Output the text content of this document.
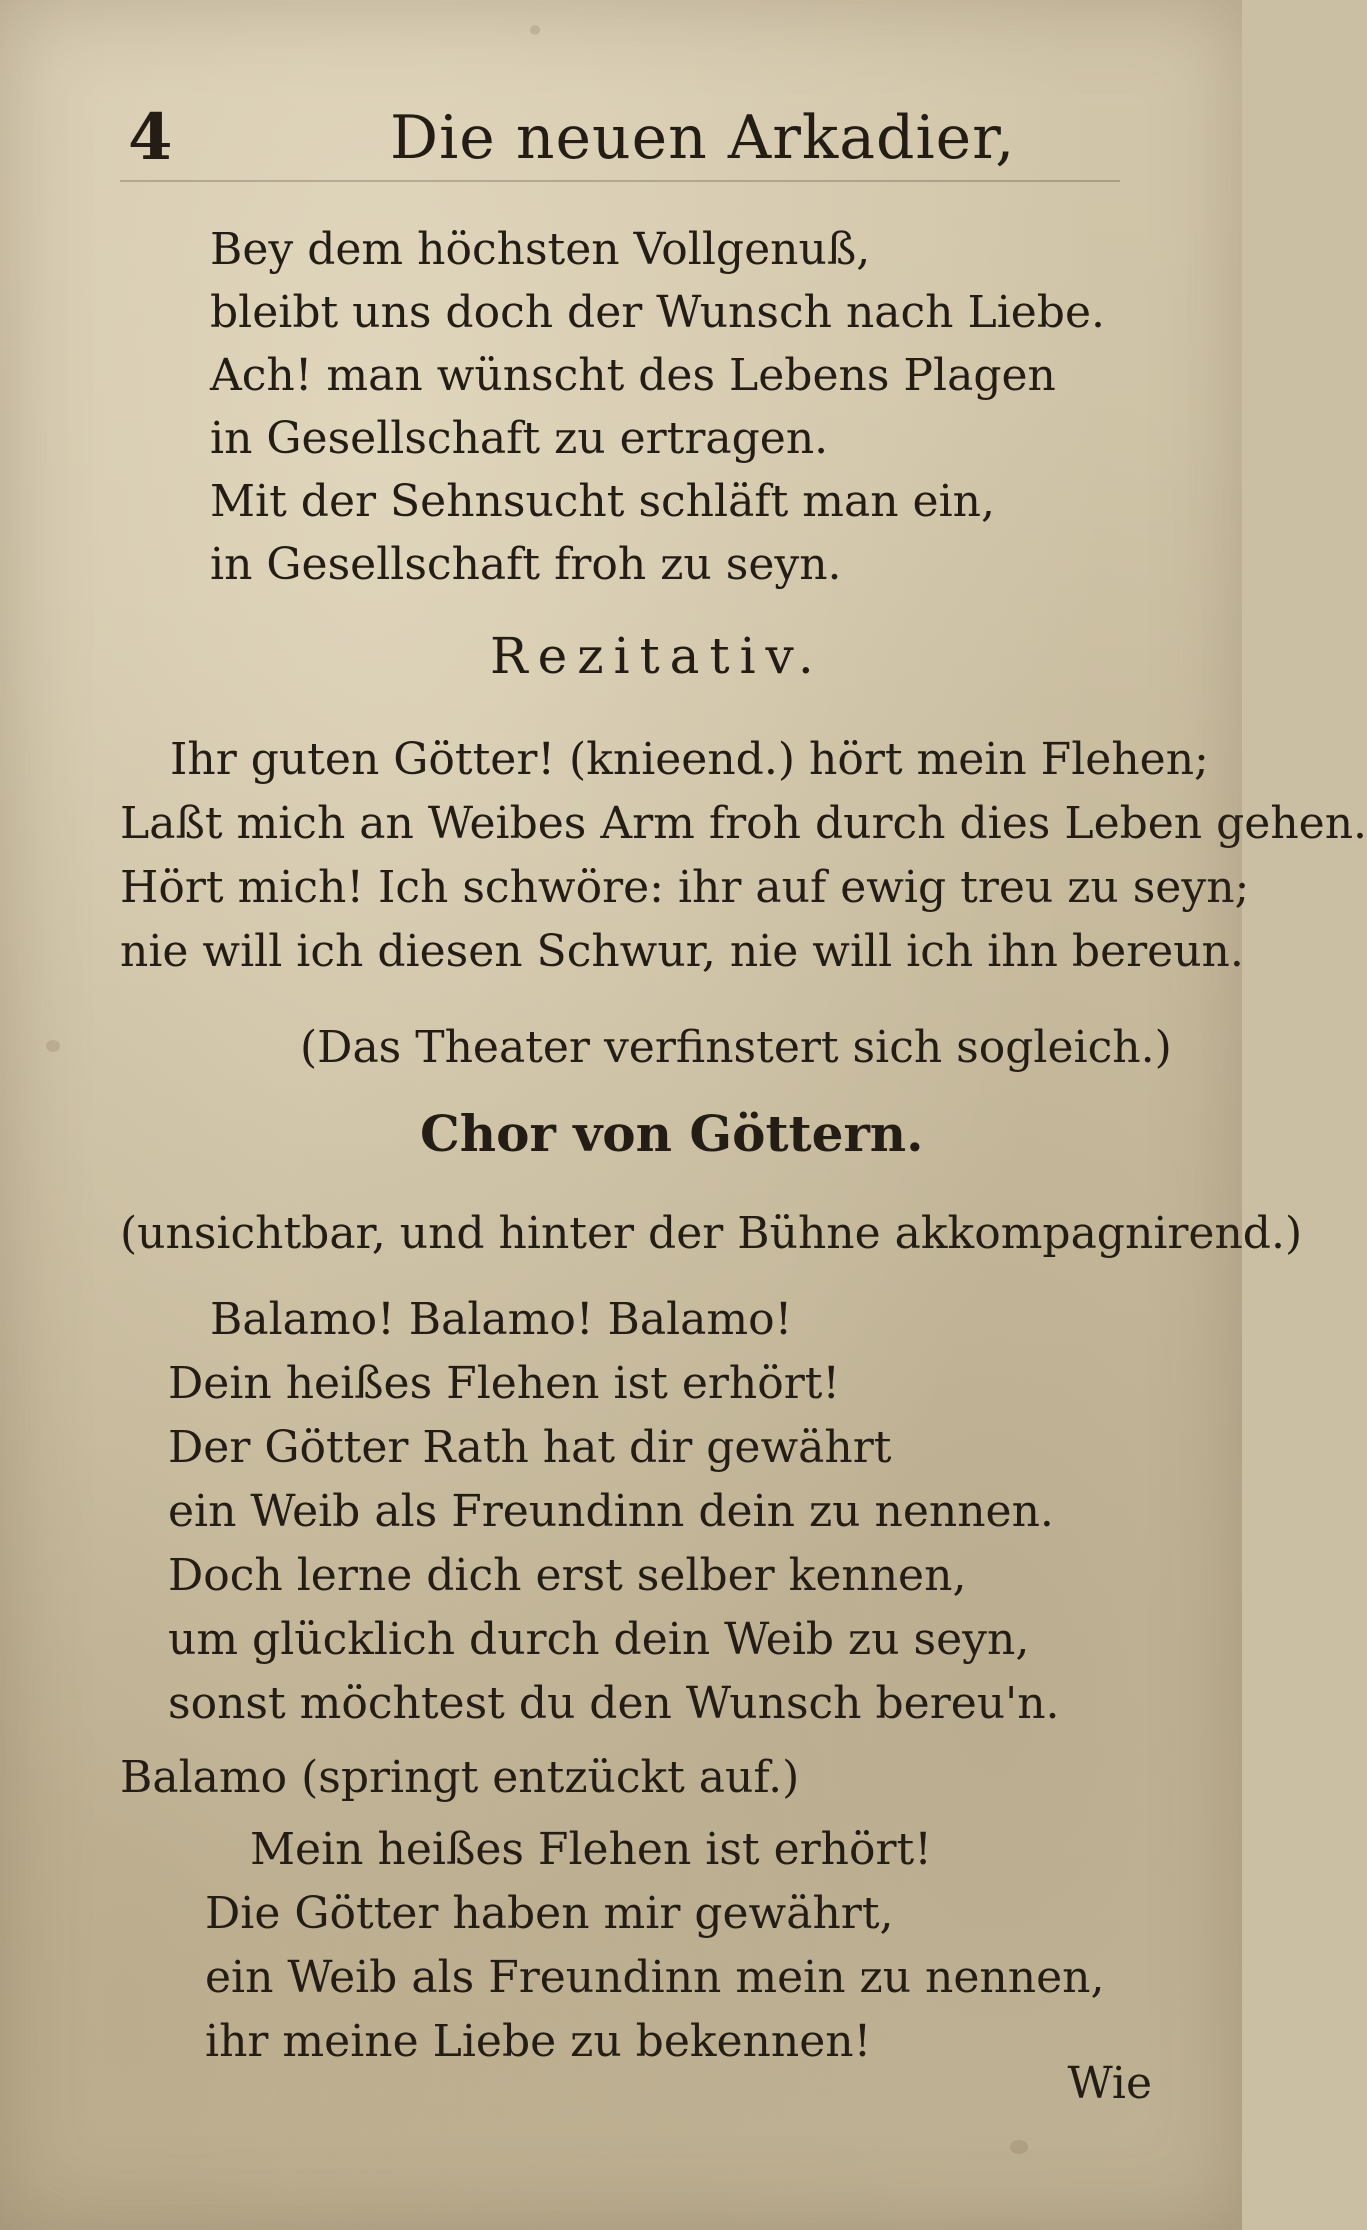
4	Die neuen Arkadier,
Bey dem höchsten Vollgenuß,
bleibt uns doch der Wunsch nach Liebe.
Ach! man wünscht des Lebens Plagen
in Gesellschaft zu ertragen.
Mit der Sehnsucht schläft man ein,
in Gesellschaft froh zu seyn.
Rezitativ.
Ihr guten Götter! (knieend.) hört mein Flehen;
Laßt mich an Weibes Arm froh durch dies Leben gehen.
Hört mich! Ich schwöre: ihr auf ewig treu zu seyn;
nie will ich diesen Schwur, nie will ich ihn bereun.
(Das Theater verfinstert sich sogleich.)
Chor von Göttern.
(unsichtbar, und hinter der Bühne akkompagnirend.)
Balamo! Balamo! Balamo!
Dein heißes Flehen ist erhört!
Der Götter Rath hat dir gewährt
ein Weib als Freundinn dein zu nennen.
Doch lerne dich erst selber kennen,
um glücklich durch dein Weib zu seyn,
sonst möchtest du den Wunsch bereu'n.
Balamo (springt entzückt auf.)
Mein heißes Flehen ist erhört!
Die Götter haben mir gewährt,
ein Weib als Freundinn mein zu nennen,
ihr meine Liebe zu bekennen!
Wie
